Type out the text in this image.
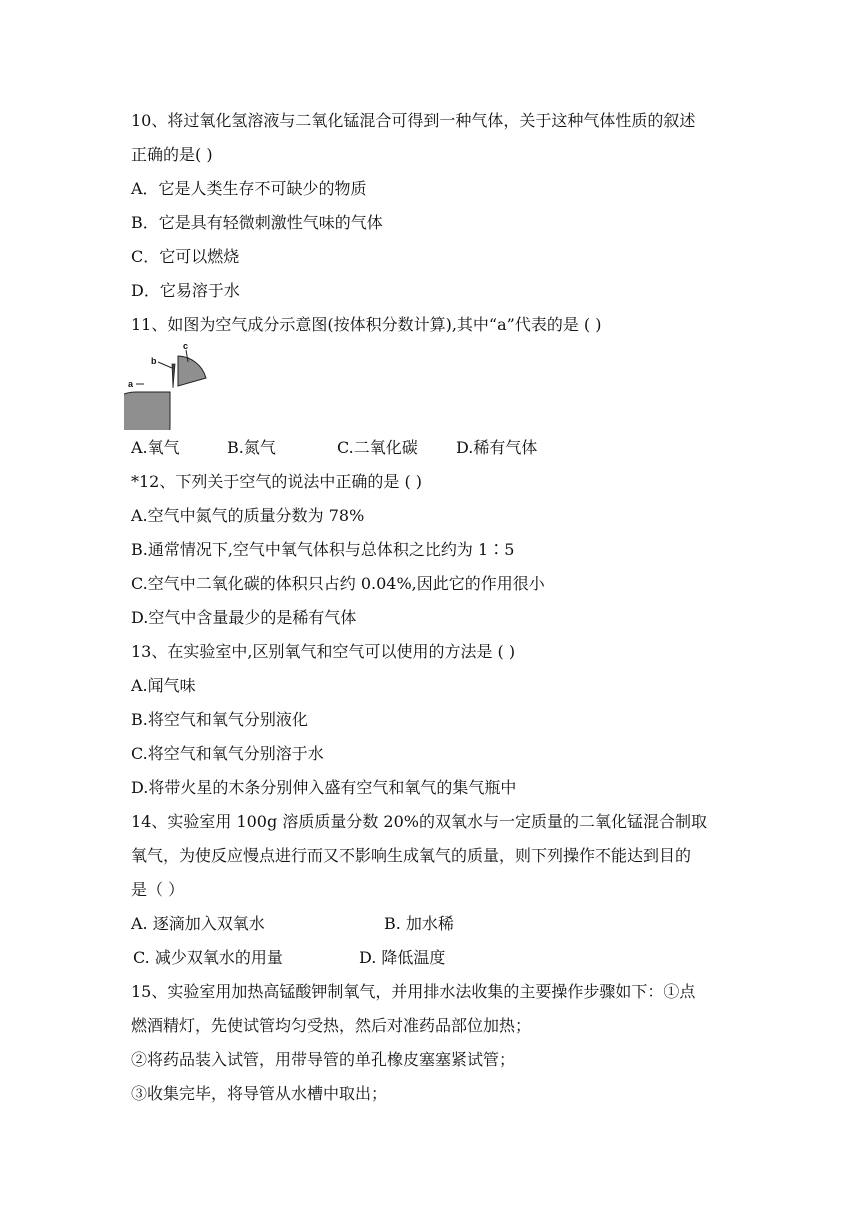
10、将过氧化氢溶液与二氧化锰混合可得到一种气体，关于这种气体性质的叙述
正确的是( )
A．它是人类生存不可缺少的物质
B．它是具有轻微刺激性气味的气体
C．它可以燃烧
D．它易溶于水
11、如图为空气成分示意图(按体积分数计算),其中“a”代表的是 ( )
a
b
c
A.氧气	B.氮气	C.二氧化碳 D.稀有气体
*12、下列关于空气的说法中正确的是 ( )
A.空气中氮气的质量分数为 78%
B.通常情况下,空气中氧气体积与总体积之比约为 1∶5
C.空气中二氧化碳的体积只占约 0.04%,因此它的作用很小
D.空气中含量最少的是稀有气体
13、在实验室中,区别氧气和空气可以使用的方法是 ( )
A.闻气味
B.将空气和氧气分别液化
C.将空气和氧气分别溶于水
D.将带火星的木条分别伸入盛有空气和氧气的集气瓶中
14、实验室用 100g 溶质质量分数 20%的双氧水与一定质量的二氧化锰混合制取
氧气，为使反应慢点进行而又不影响生成氧气的质量，则下列操作不能达到目的
是（ ）
A. 逐滴加入双氧水	B. 加水稀
C. 减少双氧水的用量	D. 降低温度
15、实验室用加热高锰酸钾制氧气，并用排水法收集的主要操作步骤如下：①点
燃酒精灯，先使试管均匀受热，然后对准药品部位加热；
②将药品装入试管，用带导管的单孔橡皮塞塞紧试管；
③收集完毕，将导管从水槽中取出；
